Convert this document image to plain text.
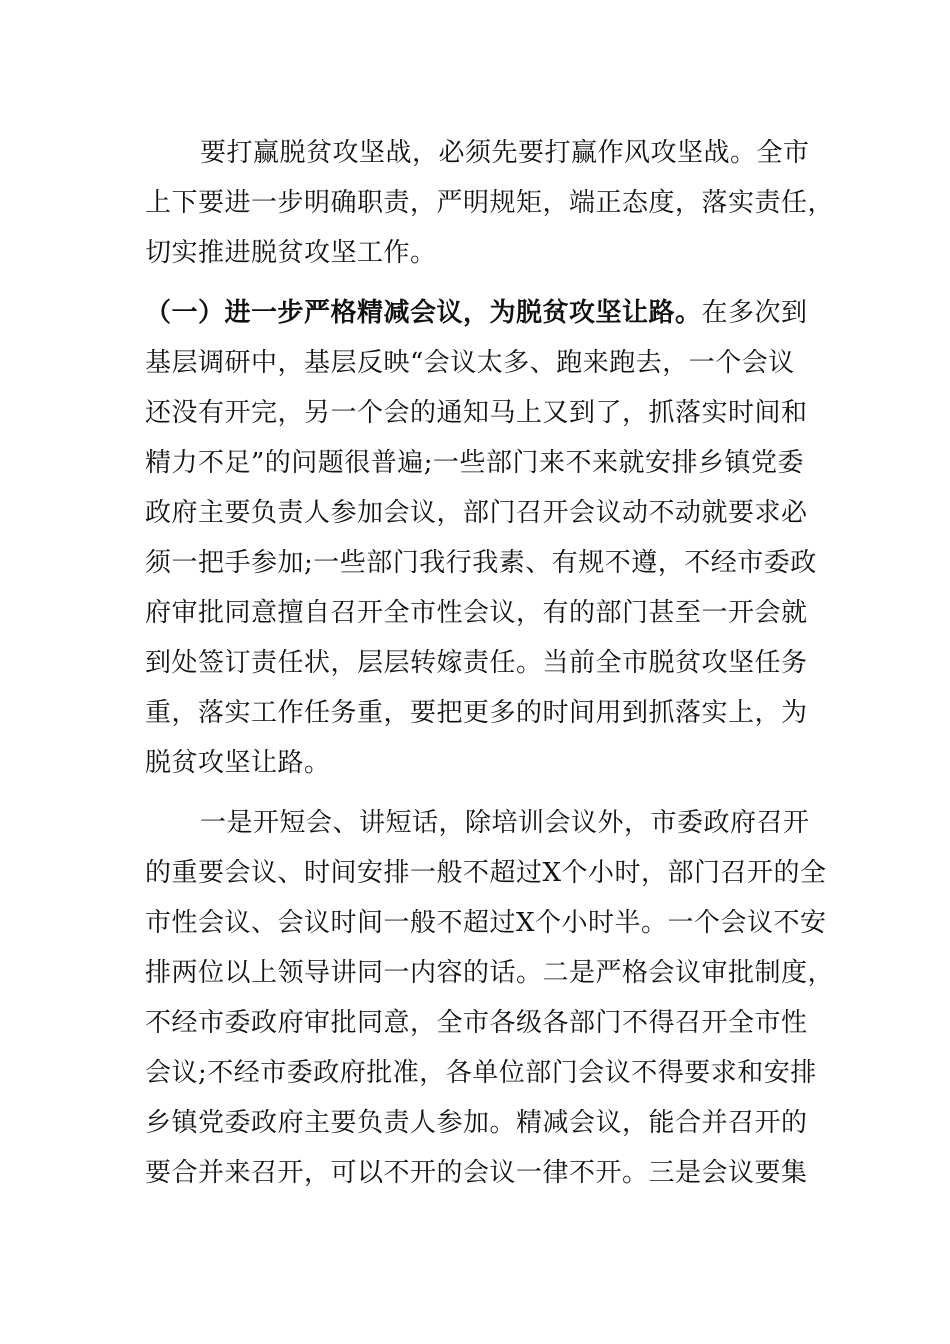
要打赢脱贫攻坚战，必须先要打赢作风攻坚战。全市
上下要进一步明确职责，严明规矩，端正态度，落实责任，
切实推进脱贫攻坚工作。
（一）进一步严格精减会议，为脱贫攻坚让路。在多次到
基层调研中，基层反映“会议太多、跑来跑去，一个会议
还没有开完，另一个会的通知马上又到了，抓落实时间和
精力不足”的问题很普遍;一些部门来不来就安排乡镇党委
政府主要负责人参加会议，部门召开会议动不动就要求必
须一把手参加;一些部门我行我素、有规不遵，不经市委政
府审批同意擅自召开全市性会议，有的部门甚至一开会就
到处签订责任状，层层转嫁责任。当前全市脱贫攻坚任务
重，落实工作任务重，要把更多的时间用到抓落实上，为
脱贫攻坚让路。
一是开短会、讲短话，除培训会议外，市委政府召开
的重要会议、时间安排一般不超过X个小时，部门召开的全
市性会议、会议时间一般不超过X个小时半。一个会议不安
排两位以上领导讲同一内容的话。二是严格会议审批制度，
不经市委政府审批同意，全市各级各部门不得召开全市性
会议;不经市委政府批准，各单位部门会议不得要求和安排
乡镇党委政府主要负责人参加。精减会议，能合并召开的
要合并来召开，可以不开的会议一律不开。三是会议要集
